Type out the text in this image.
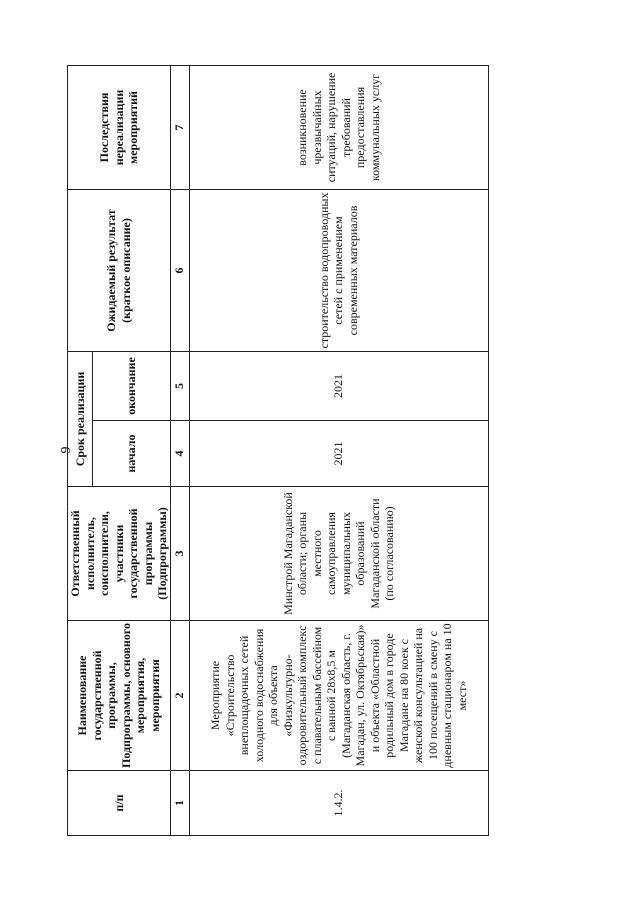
9
п/п	Наименование государственной программы, Подпрограммы, основного мероприятия, мероприятия	Ответственный исполнитель, соисполнители, участники государственной программы (Подпрограммы)	Срок реализации		Ожидаемый результат (краткое описание)	Последствия нереализации мероприятий
			начало	окончание		
1	2	3	4	5	6	7
1.4.2.	Мероприятие «Строительство внеплощадочных сетей холодного водоснабжения для объекта «Физкультурно-оздоровительный комплекс с плавательным бассейном с ванной 28х8,5 м (Магаданская область, г. Магадан, ул. Октябрьская)» и объекта «Областной родильный дом в городе Магадане на 80 коек с женской консультацией на 100 посещений в смену с дневным стационаром на 10 мест»	Минстрой Магаданской области; органы местного самоуправления муниципальных образований Магаданской области (по согласованию)	2021	2021	строительство водопроводных сетей с применением современных материалов	возникновение чрезвычайных ситуаций, нарушение требований предоставления коммунальных услуг
